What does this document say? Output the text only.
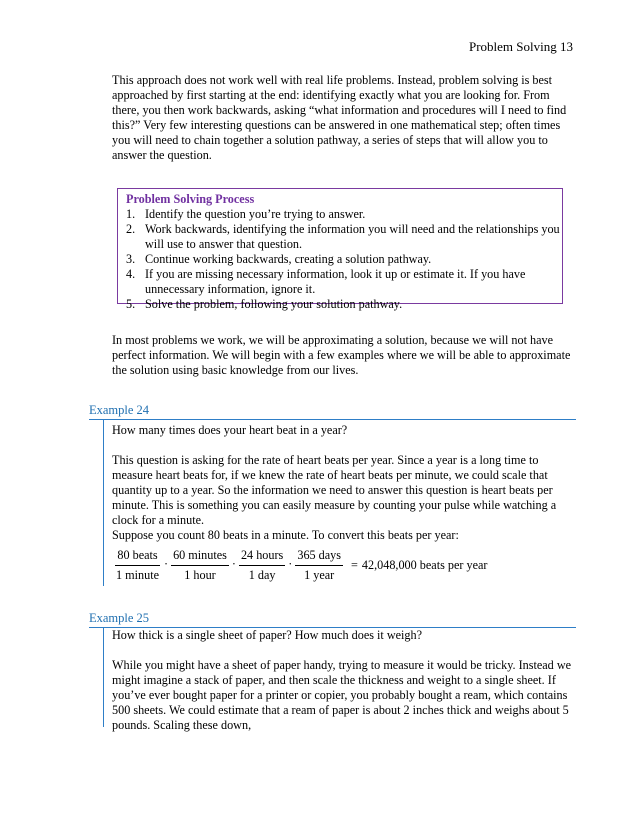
Problem Solving 13

This approach does not work well with real life problems. Instead, problem solving is best approached by first starting at the end: identifying exactly what you are looking for. From there, you then work backwards, asking “what information and procedures will I need to find this?” Very few interesting questions can be answered in one mathematical step; often times you will need to chain together a solution pathway, a series of steps that will allow you to answer the question.

Problem Solving Process
1. Identify the question you’re trying to answer.
2. Work backwards, identifying the information you will need and the relationships you will use to answer that question.
3. Continue working backwards, creating a solution pathway.
4. If you are missing necessary information, look it up or estimate it. If you have unnecessary information, ignore it.
5. Solve the problem, following your solution pathway.

In most problems we work, we will be approximating a solution, because we will not have perfect information. We will begin with a few examples where we will be able to approximate the solution using basic knowledge from our lives.

Example 24

How many times does your heart beat in a year?

This question is asking for the rate of heart beats per year. Since a year is a long time to measure heart beats for, if we knew the rate of heart beats per minute, we could scale that quantity up to a year. So the information we need to answer this question is heart beats per minute. This is something you can easily measure by counting your pulse while watching a clock for a minute.

Suppose you count 80 beats in a minute. To convert this beats per year:

$\frac{\text{80 beats}}{\text{1 minute}} \cdot \frac{\text{60 minutes}}{\text{1 hour}} \cdot \frac{\text{24 hours}}{\text{1 day}} \cdot \frac{\text{365 days}}{\text{1 year}} = 42,048,000$ beats per year
Example 25

How thick is a single sheet of paper? How much does it weigh?

While you might have a sheet of paper handy, trying to measure it would be tricky. Instead we might imagine a stack of paper, and then scale the thickness and weight to a single sheet. If you’ve ever bought paper for a printer or copier, you probably bought a ream, which contains 500 sheets. We could estimate that a ream of paper is about 2 inches thick and weighs about 5 pounds. Scaling these down,
